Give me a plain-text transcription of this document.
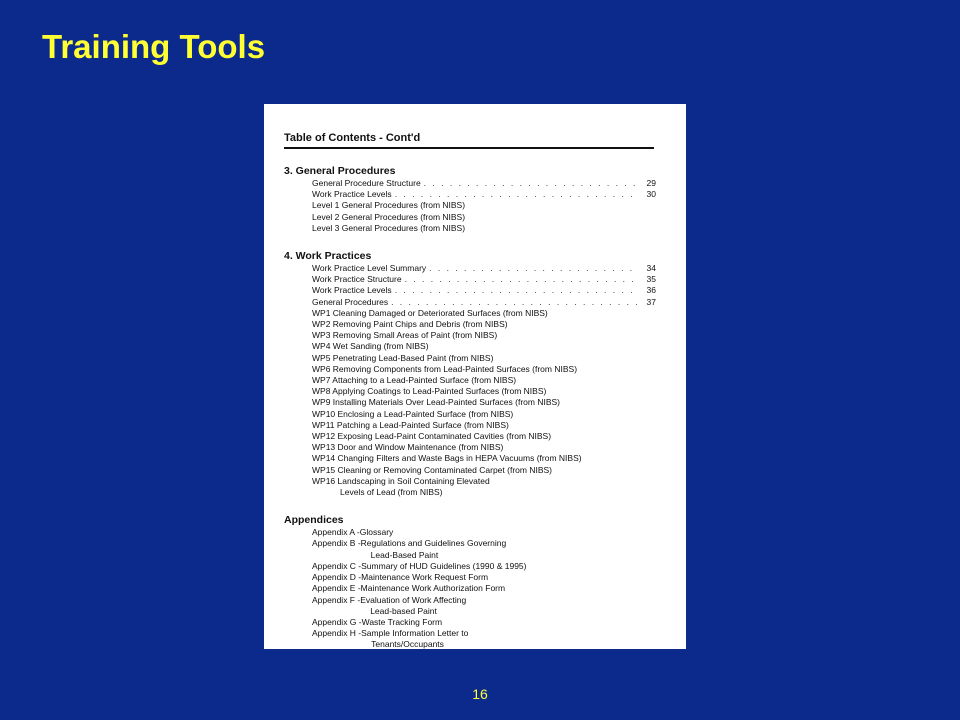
Training Tools
Table of Contents - Cont'd
3. General Procedures
General Procedure Structure . . .	29
Work Practice Levels . . .	30
Level 1 General Procedures (from NIBS)
Level 2 General Procedures (from NIBS)
Level 3 General Procedures (from NIBS)
4. Work Practices
Work Practice Level Summary . . .	34
Work Practice Structure . . .	35
Work Practice Levels . . .	36
General Procedures . . .	37
WP1 Cleaning Damaged or Deteriorated Surfaces (from NIBS)
WP2 Removing Paint Chips and Debris (from NIBS)
WP3 Removing Small Areas of Paint (from NIBS)
WP4 Wet Sanding (from NIBS)
WP5 Penetrating Lead-Based Paint (from NIBS)
WP6 Removing Components from Lead-Painted Surfaces (from NIBS)
WP7 Attaching to a Lead-Painted Surface (from NIBS)
WP8 Applying Coatings to Lead-Painted Surfaces (from NIBS)
WP9 Installing Materials Over Lead-Painted Surfaces (from NIBS)
WP10 Enclosing a Lead-Painted Surface (from NIBS)
WP11 Patching a Lead-Painted Surface (from NIBS)
WP12 Exposing Lead-Paint Contaminated Cavities (from NIBS)
WP13 Door and Window Maintenance (from NIBS)
WP14 Changing Filters and Waste Bags in HEPA Vacuums (from NIBS)
WP15 Cleaning or Removing Contaminated Carpet (from NIBS)
WP16 Landscaping in Soil Containing Elevated
Levels of Lead (from NIBS)
Appendices
Appendix A - Glossary
Appendix B - Regulations and Guidelines Governing
Lead-Based Paint
Appendix C - Summary of HUD Guidelines (1990 & 1995)
Appendix D - Maintenance Work Request Form
Appendix E - Maintenance Work Authorization Form
Appendix F - Evaluation of Work Affecting
Lead-based Paint
Appendix G - Waste Tracking Form
Appendix H - Sample Information Letter to
Tenants/Occupants
16
